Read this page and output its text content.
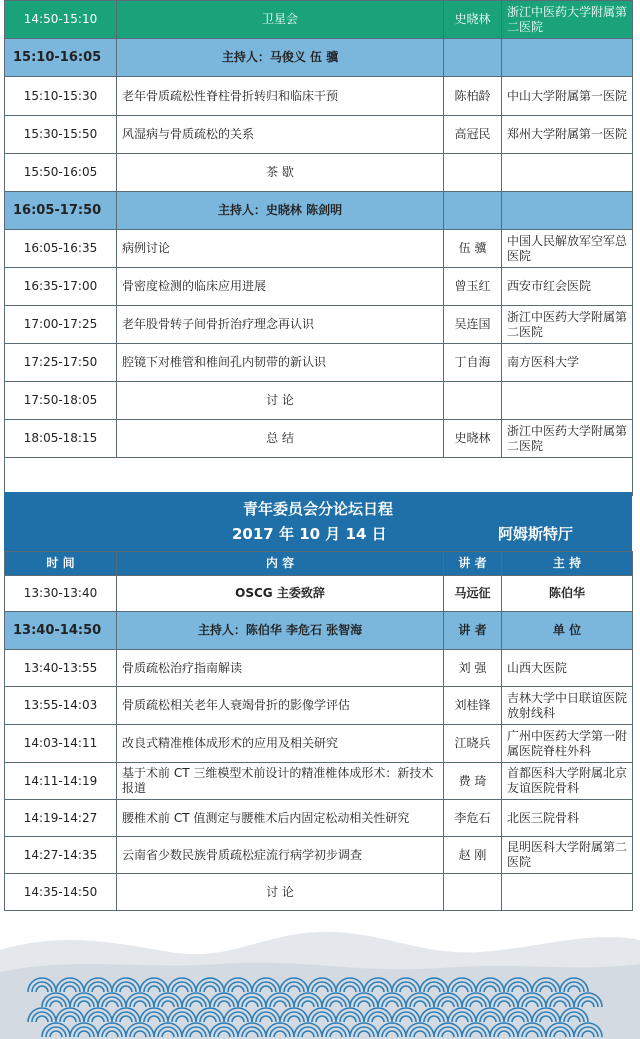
14:50-15:10	卫星会	史晓林	浙江中医药大学附属第二医院
15:10-16:05	主持人：马俊义 伍 骥		
15:10-15:30	老年骨质疏松性脊柱骨折转归和临床干预	陈柏龄	中山大学附属第一医院
15:30-15:50	风湿病与骨质疏松的关系	高冠民	郑州大学附属第一医院
15:50-16:05	茶 歇		
16:05-17:50	主持人：史晓林 陈剑明		
16:05-16:35	病例讨论	伍 骥	中国人民解放军空军总医院
16:35-17:00	骨密度检测的临床应用进展	曾玉红	西安市红会医院
17:00-17:25	老年股骨转子间骨折治疗理念再认识	吴连国	浙江中医药大学附属第二医院
17:25-17:50	腔镜下对椎管和椎间孔内韧带的新认识	丁自海	南方医科大学
17:50-18:05	讨 论		
18:05-18:15	总 结	史晓林	浙江中医药大学附属第二医院

青年委员会分论坛日程
2017 年 10 月 14 日	阿姆斯特厅
时 间	内 容	讲 者	主 持
13:30-13:40	OSCG 主委致辞	马远征	陈伯华
13:40-14:50	主持人：陈伯华 李危石 张智海	讲 者	单 位
13:40-13:55	骨质疏松治疗指南解读	刘 强	山西大医院
13:55-14:03	骨质疏松相关老年人衰竭骨折的影像学评估	刘桂锋	吉林大学中日联谊医院放射线科
14:03-14:11	改良式精准椎体成形术的应用及相关研究	江晓兵	广州中医药大学第一附属医院脊柱外科
14:11-14:19	基于术前 CT 三维模型术前设计的精准椎体成形术：新技术报道	费 琦	首都医科大学附属北京友谊医院骨科
14:19-14:27	腰椎术前 CT 值测定与腰椎术后内固定松动相关性研究	李危石	北医三院骨科
14:27-14:35	云南省少数民族骨质疏松症流行病学初步调查	赵 刚	昆明医科大学附属第二医院
14:35-14:50	讨 论		
